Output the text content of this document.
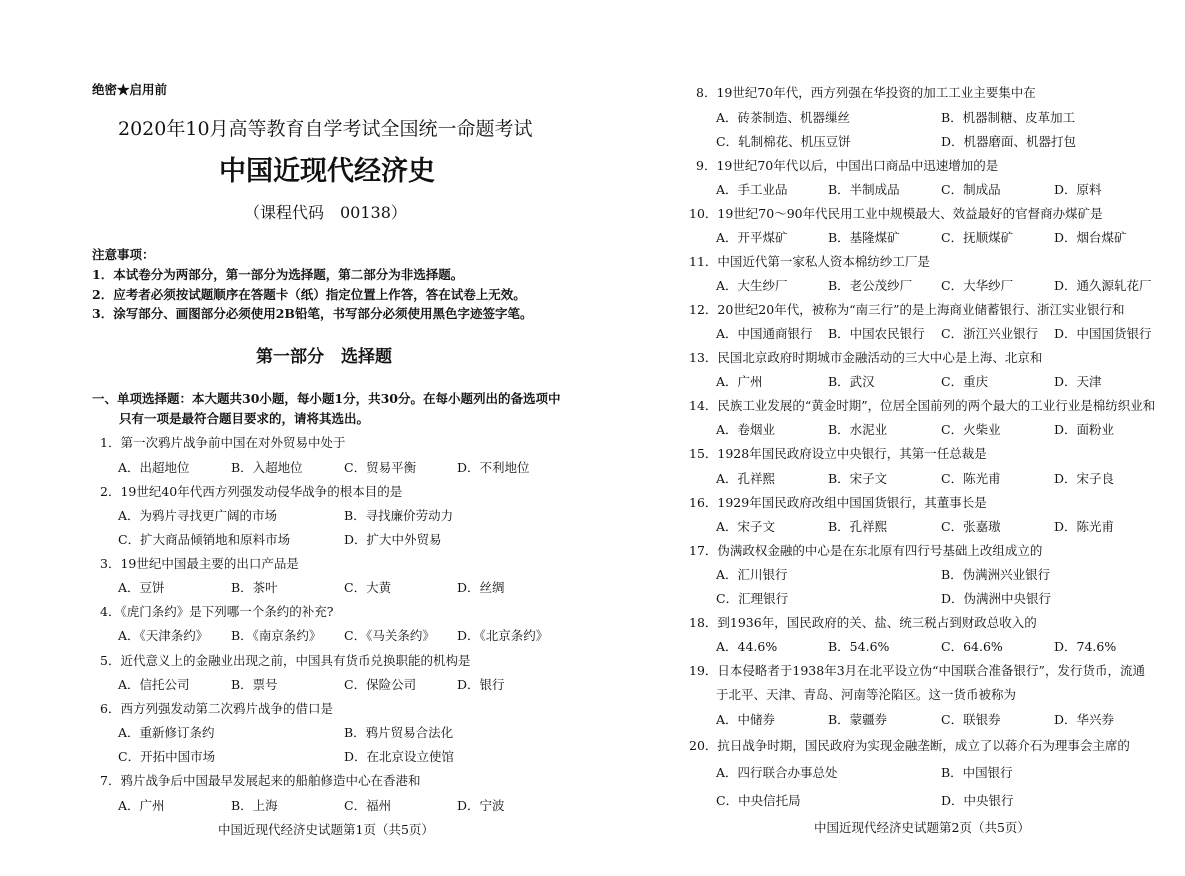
绝密★启用前
2020年10月高等教育自学考试全国统一命题考试
中国近现代经济史
（课程代码　00138）
注意事项：
1．本试卷分为两部分，第一部分为选择题，第二部分为非选择题。
2．应考者必须按试题顺序在答题卡（纸）指定位置上作答，答在试卷上无效。
3．涂写部分、画图部分必须使用2B铅笔，书写部分必须使用黑色字迹签字笔。
第一部分　选择题
一、单项选择题：本大题共30小题，每小题1分，共30分。在每小题列出的备选项中
只有一项是最符合题目要求的，请将其选出。
1．第一次鸦片战争前中国在对外贸易中处于
A．出超地位	B．入超地位	C．贸易平衡	D．不利地位
2．19世纪40年代西方列强发动侵华战争的根本目的是
A．为鸦片寻找更广阔的市场	B．寻找廉价劳动力
C．扩大商品倾销地和原料市场	D．扩大中外贸易
3．19世纪中国最主要的出口产品是
A．豆饼	B．茶叶	C．大黄	D．丝绸
4．《虎门条约》是下列哪一个条约的补充?
A．《天津条约》 B．《南京条约》 C．《马关条约》 D．《北京条约》
5．近代意义上的金融业出现之前，中国具有货币兑换职能的机构是
A．信托公司	B．票号	C．保险公司	D．银行
6．西方列强发动第二次鸦片战争的借口是
A．重新修订条约	B．鸦片贸易合法化
C．开拓中国市场	D．在北京设立使馆
7．鸦片战争后中国最早发展起来的船舶修造中心在香港和
A．广州	B．上海	C．福州	D．宁波
中国近现代经济史试题第1页（共5页）
8．19世纪70年代，西方列强在华投资的加工工业主要集中在
A．砖茶制造、机器缫丝	B．机器制糖、皮革加工
C．轧制棉花、机压豆饼	D．机器磨面、机器打包
9．19世纪70年代以后，中国出口商品中迅速增加的是
A．手工业品	B．半制成品	C．制成品	D．原料
10．19世纪70～90年代民用工业中规模最大、效益最好的官督商办煤矿是
A．开平煤矿	B．基隆煤矿	C．抚顺煤矿	D．烟台煤矿
11．中国近代第一家私人资本棉纺纱工厂是
A．大生纱厂	B．老公茂纱厂 C．大华纱厂	D．通久源轧花厂
12．20世纪20年代，被称为“南三行”的是上海商业储蓄银行、浙江实业银行和
A．中国通商银行 B．中国农民银行 C．浙江兴业银行 D．中国国货银行
13．民国北京政府时期城市金融活动的三大中心是上海、北京和
A．广州	B．武汉	C．重庆	D．天津
14．民族工业发展的“黄金时期”，位居全国前列的两个最大的工业行业是棉纺织业和
A．卷烟业	B．水泥业	C．火柴业	D．面粉业
15．1928年国民政府设立中央银行，其第一任总裁是
A．孔祥熙	B．宋子文	C．陈光甫	D．宋子良
16．1929年国民政府改组中国国货银行，其董事长是
A．宋子文	B．孔祥熙	C．张嘉璈	D．陈光甫
17．伪满政权金融的中心是在东北原有四行号基础上改组成立的
A．汇川银行	B．伪满洲兴业银行
C．汇理银行	D．伪满洲中央银行
18．到1936年，国民政府的关、盐、统三税占到财政总收入的
A．44.6%	B．54.6%	C．64.6%	D．74.6%
19．日本侵略者于1938年3月在北平设立伪“中国联合准备银行”，发行货币，流通
于北平、天津、青岛、河南等沦陷区。这一货币被称为
A．中储券	B．蒙疆券	C．联银券	D．华兴券
20．抗日战争时期，国民政府为实现金融垄断，成立了以蒋介石为理事会主席的
A．四行联合办事总处	B．中国银行
C．中央信托局	D．中央银行
中国近现代经济史试题第2页（共5页）
